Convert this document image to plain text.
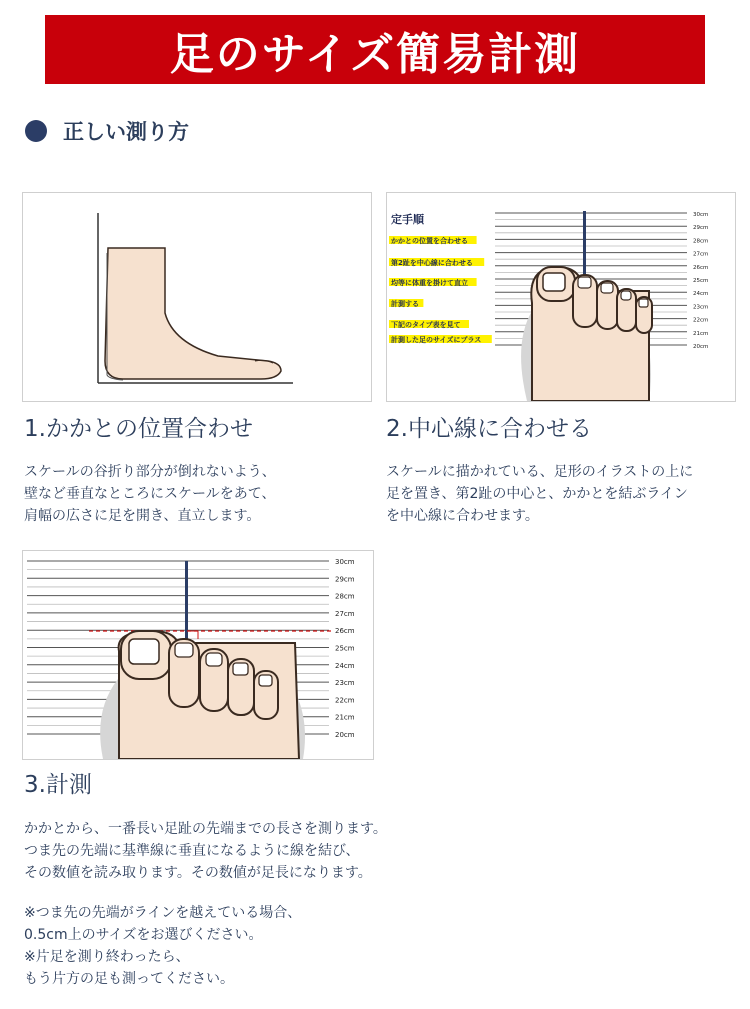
足のサイズ簡易計測
正しい測り方
30cm
29cm
28cm
27cm
26cm
25cm
24cm
23cm
22cm
21cm
20cm
定手順
かかとの位置を合わせる
第2趾を中心線に合わせる
均等に体重を掛けて直立
計測する
下記のタイプ表を見て
計測した足のサイズにプラス
1.かかとの位置合わせ
スケールの谷折り部分が倒れないよう、
壁など垂直なところにスケールをあて、
肩幅の広さに足を開き、直立します。
2.中心線に合わせる
スケールに描かれている、足形のイラストの上に
足を置き、第2趾の中心と、かかとを結ぶライン
を中心線に合わせます。
30cm
29cm
28cm
27cm
26cm
25cm
24cm
23cm
22cm
21cm
20cm
3.計測
かかとから、一番長い足趾の先端までの長さを測ります。
つま先の先端に基準線に垂直になるように線を結び、
その数値を読み取ります。その数値が足長になります。
※つま先の先端がラインを越えている場合、
0.5cm上のサイズをお選びください。
※片足を測り終わったら、
もう片方の足も測ってください。
